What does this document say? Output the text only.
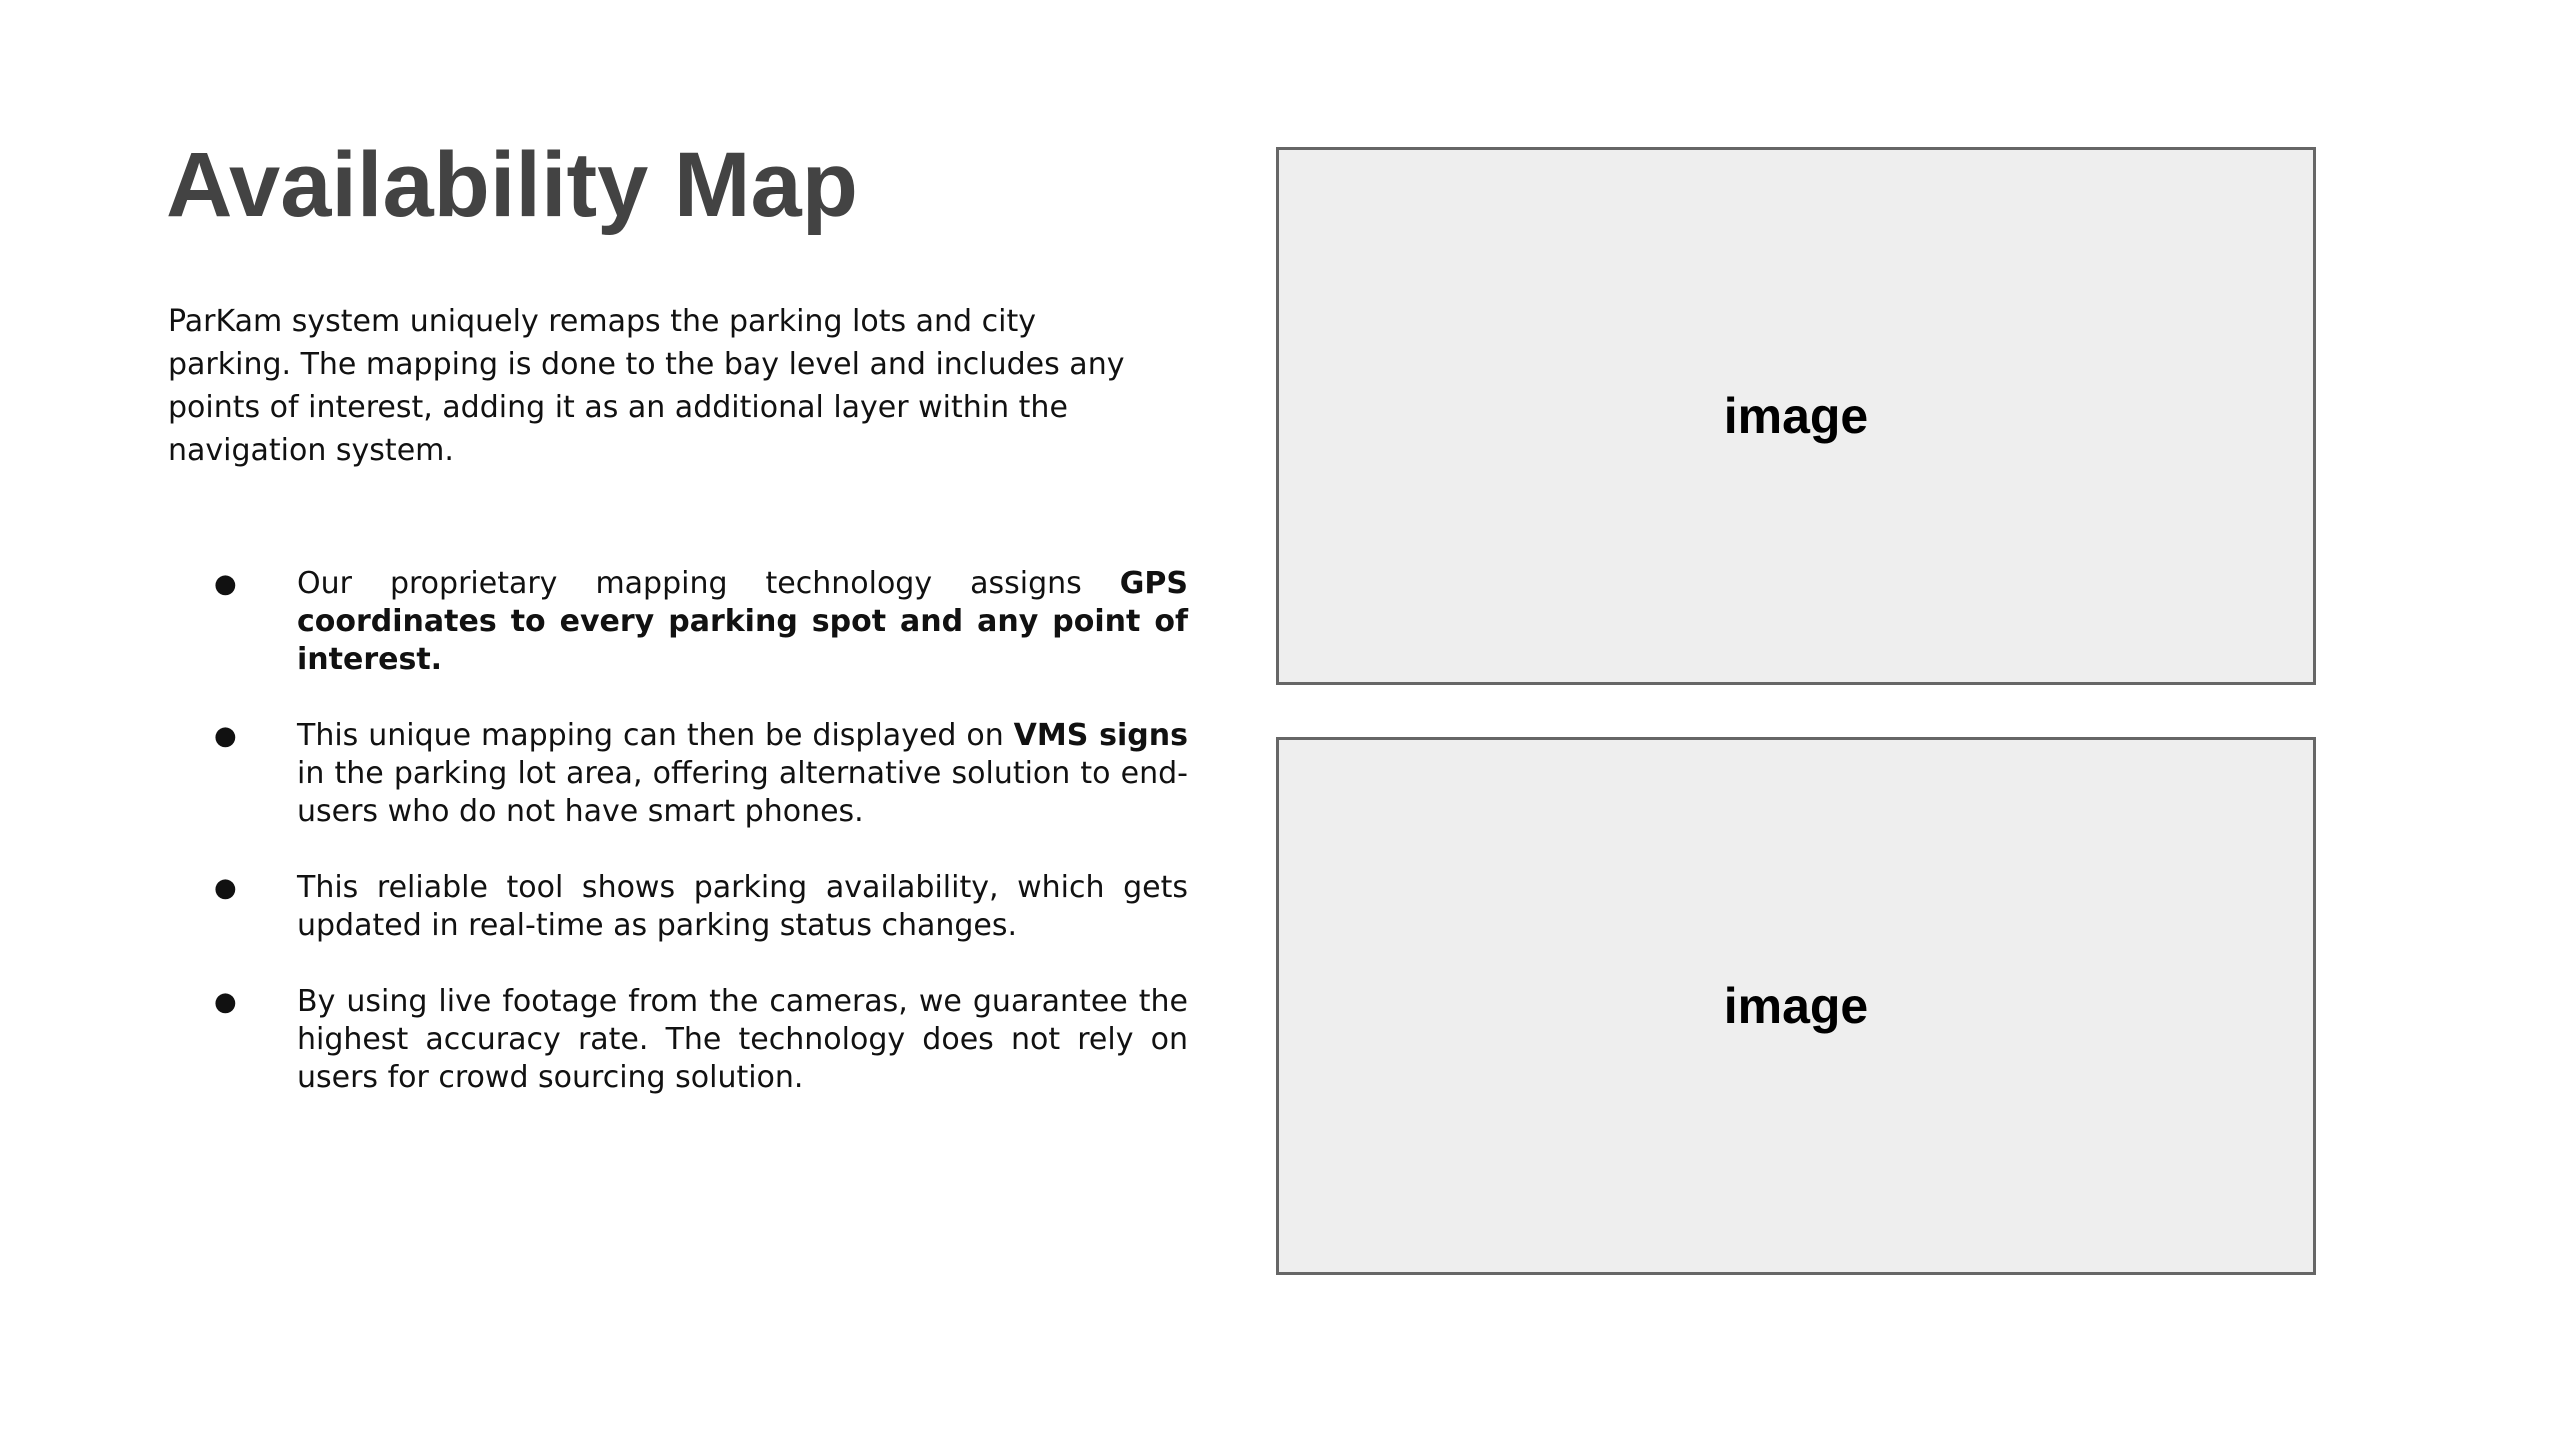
Availability Map

ParKam system uniquely remaps the parking lots and city parking. The mapping is done to the bay level and includes any points of interest, adding it as an additional layer within the navigation system.

● Our proprietary mapping technology assigns GPS coordinates to every parking spot and any point of interest.
● This unique mapping can then be displayed on VMS signs in the parking lot area, offering alternative solution to end-users who do not have smart phones.
● This reliable tool shows parking availability, which gets updated in real-time as parking status changes.
● By using live footage from the cameras, we guarantee the highest accuracy rate. The technology does not rely on users for crowd sourcing solution.
image
image
